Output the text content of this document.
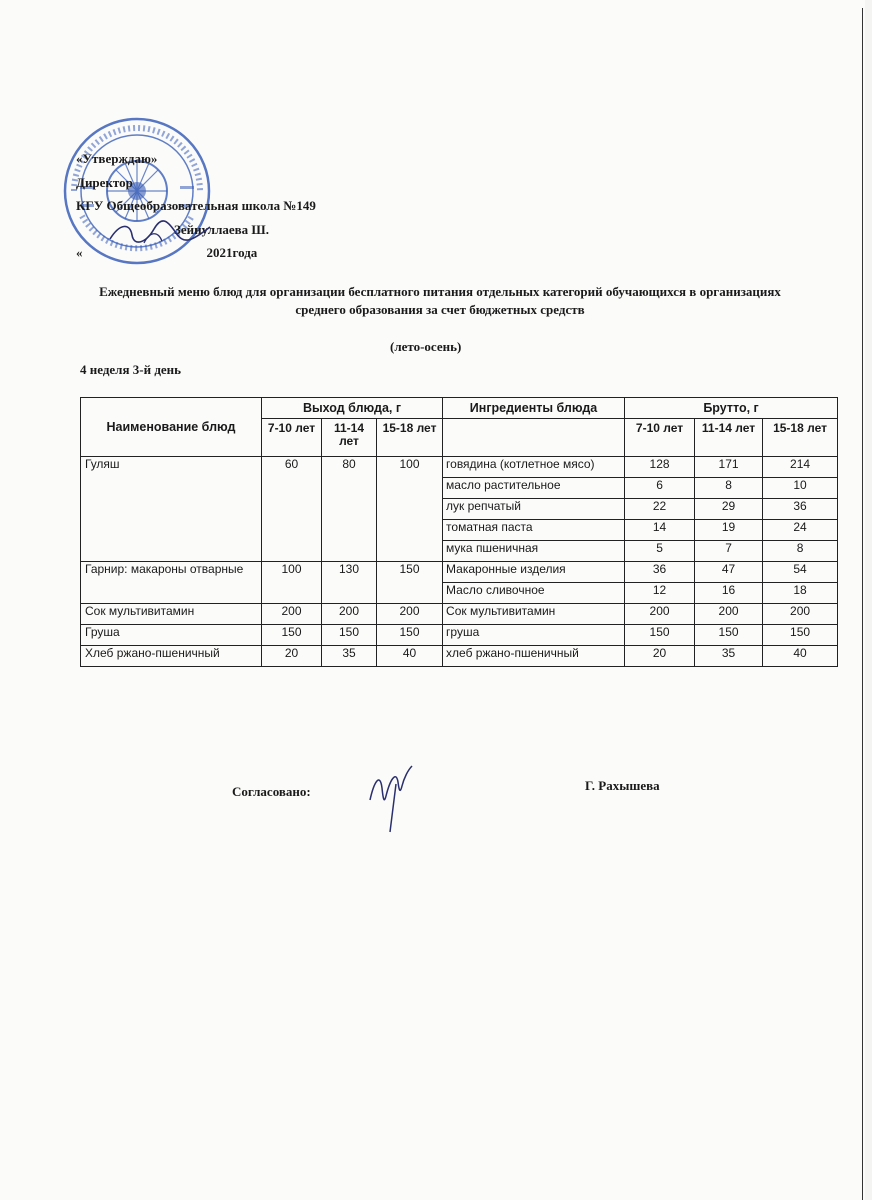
«Утверждаю»
Директор
КГУ Общеобразовательная школа №149
Зейнуллаева Ш.
«	2021года
Ежедневный меню блюд для организации бесплатного питания отдельных категорий обучающихся в организациях среднего образования за счет бюджетных средств
(лето-осень)
4 неделя 3-й день
Наименование блюд	Выход блюда, г			Ингредиенты блюда	Брутто, г		
	7-10 лет	11-14 лет	15-18 лет		7-10 лет	11-14 лет	15-18 лет
Гуляш	60	80	100	говядина (котлетное мясо)	128	171	214
				масло растительное	6	8	10
				лук репчатый	22	29	36
				томатная паста	14	19	24
				мука пшеничная	5	7	8
Гарнир: макароны отварные	100	130	150	Макаронные изделия	36	47	54
				Масло сливочное	12	16	18
Сок мультивитамин	200	200	200	Сок мультивитамин	200	200	200
Груша	150	150	150	груша	150	150	150
Хлеб ржано-пшеничный	20	35	40	хлеб ржано-пшеничный	20	35	40
Согласовано:	Г. Рахышева
